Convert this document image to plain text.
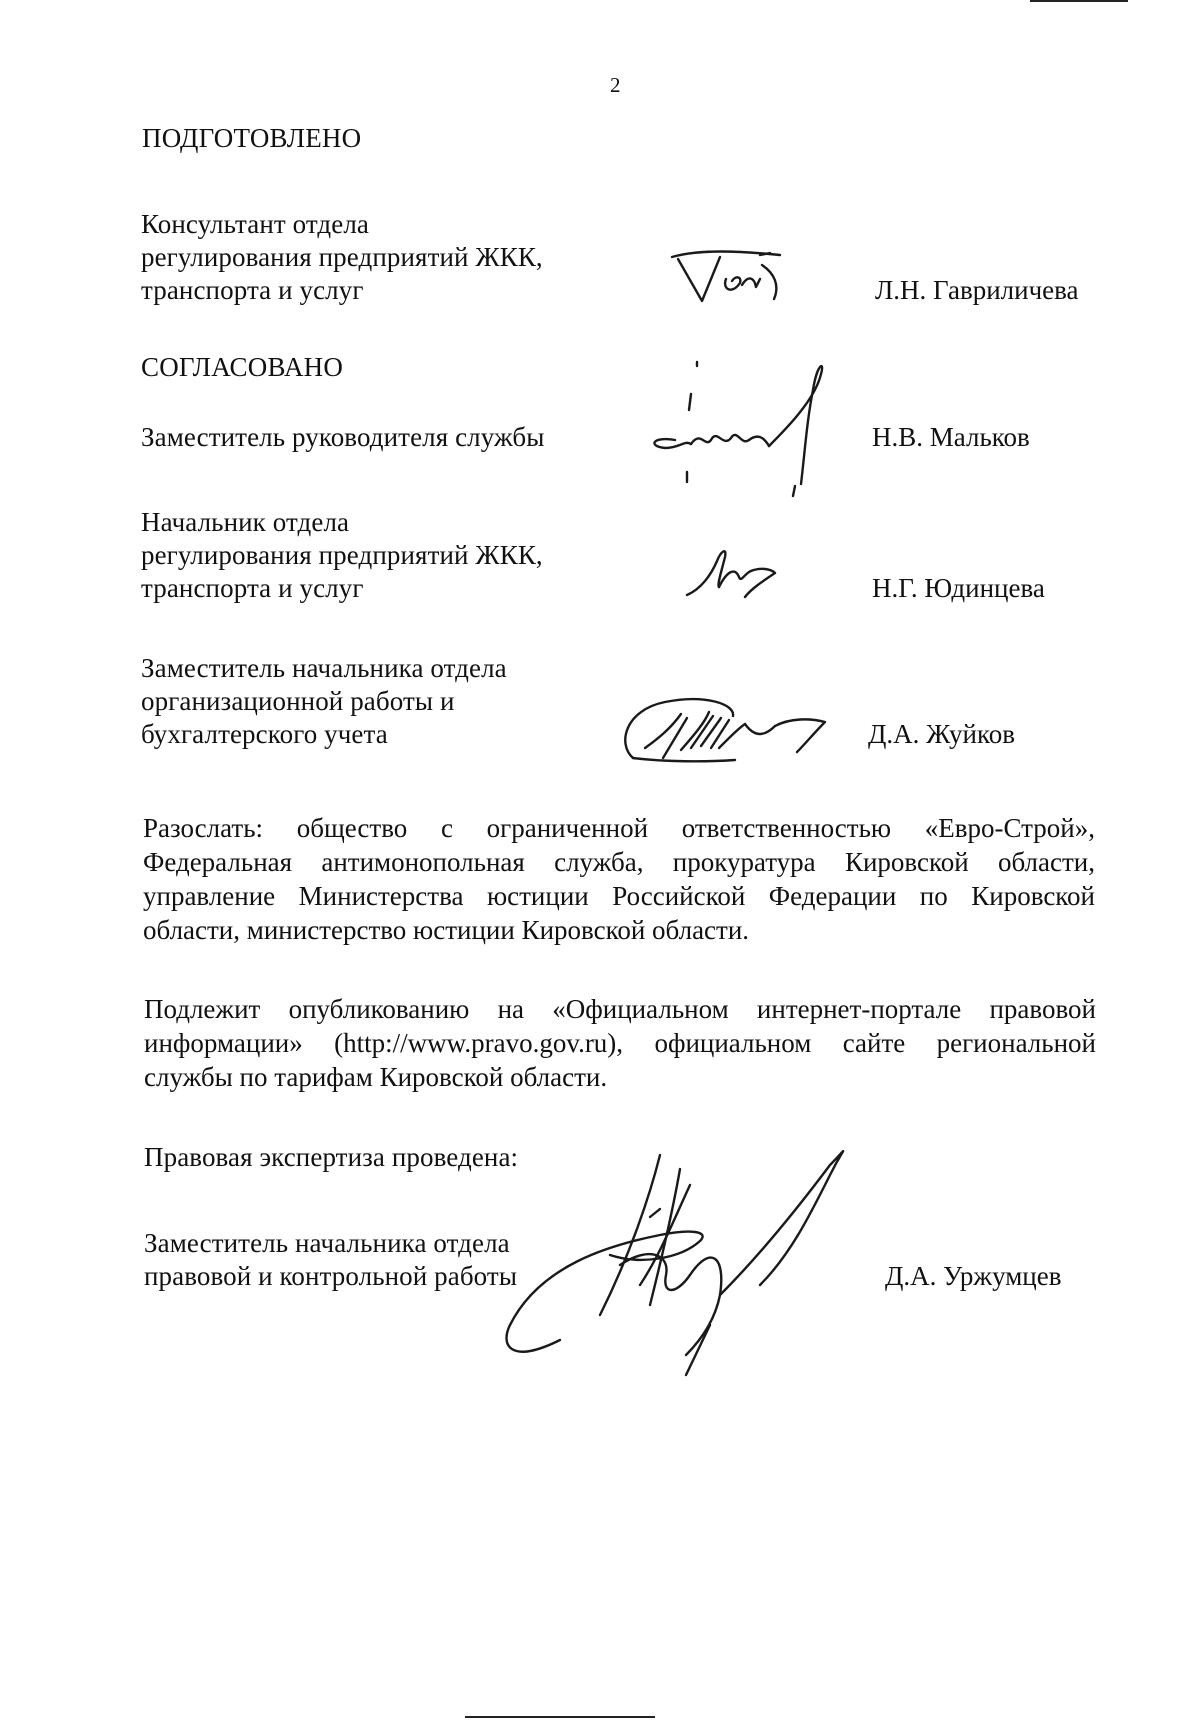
2
ПОДГОТОВЛЕНО
Консультант отдела
регулирования предприятий ЖКК,
транспорта и услуг	Л.Н. Гавриличева
СОГЛАСОВАНО
Заместитель руководителя службы	Н.В. Мальков
Начальник отдела
регулирования предприятий ЖКК,
транспорта и услуг	Н.Г. Юдинцева
Заместитель начальника отдела
организационной работы и
бухгалтерского учета	Д.А. Жуйков
Разослать: общество с ограниченной ответственностью «Евро-Строй»,
Федеральная антимонопольная служба, прокуратура Кировской области,
управление Министерства юстиции Российской Федерации по Кировской
области, министерство юстиции Кировской области.
Подлежит опубликованию на «Официальном интернет-портале правовой
информации» (http://www.pravo.gov.ru), официальном сайте региональной
службы по тарифам Кировской области.
Правовая экспертиза проведена:
Заместитель начальника отдела
правовой и контрольной работы	Д.А. Уржумцев
